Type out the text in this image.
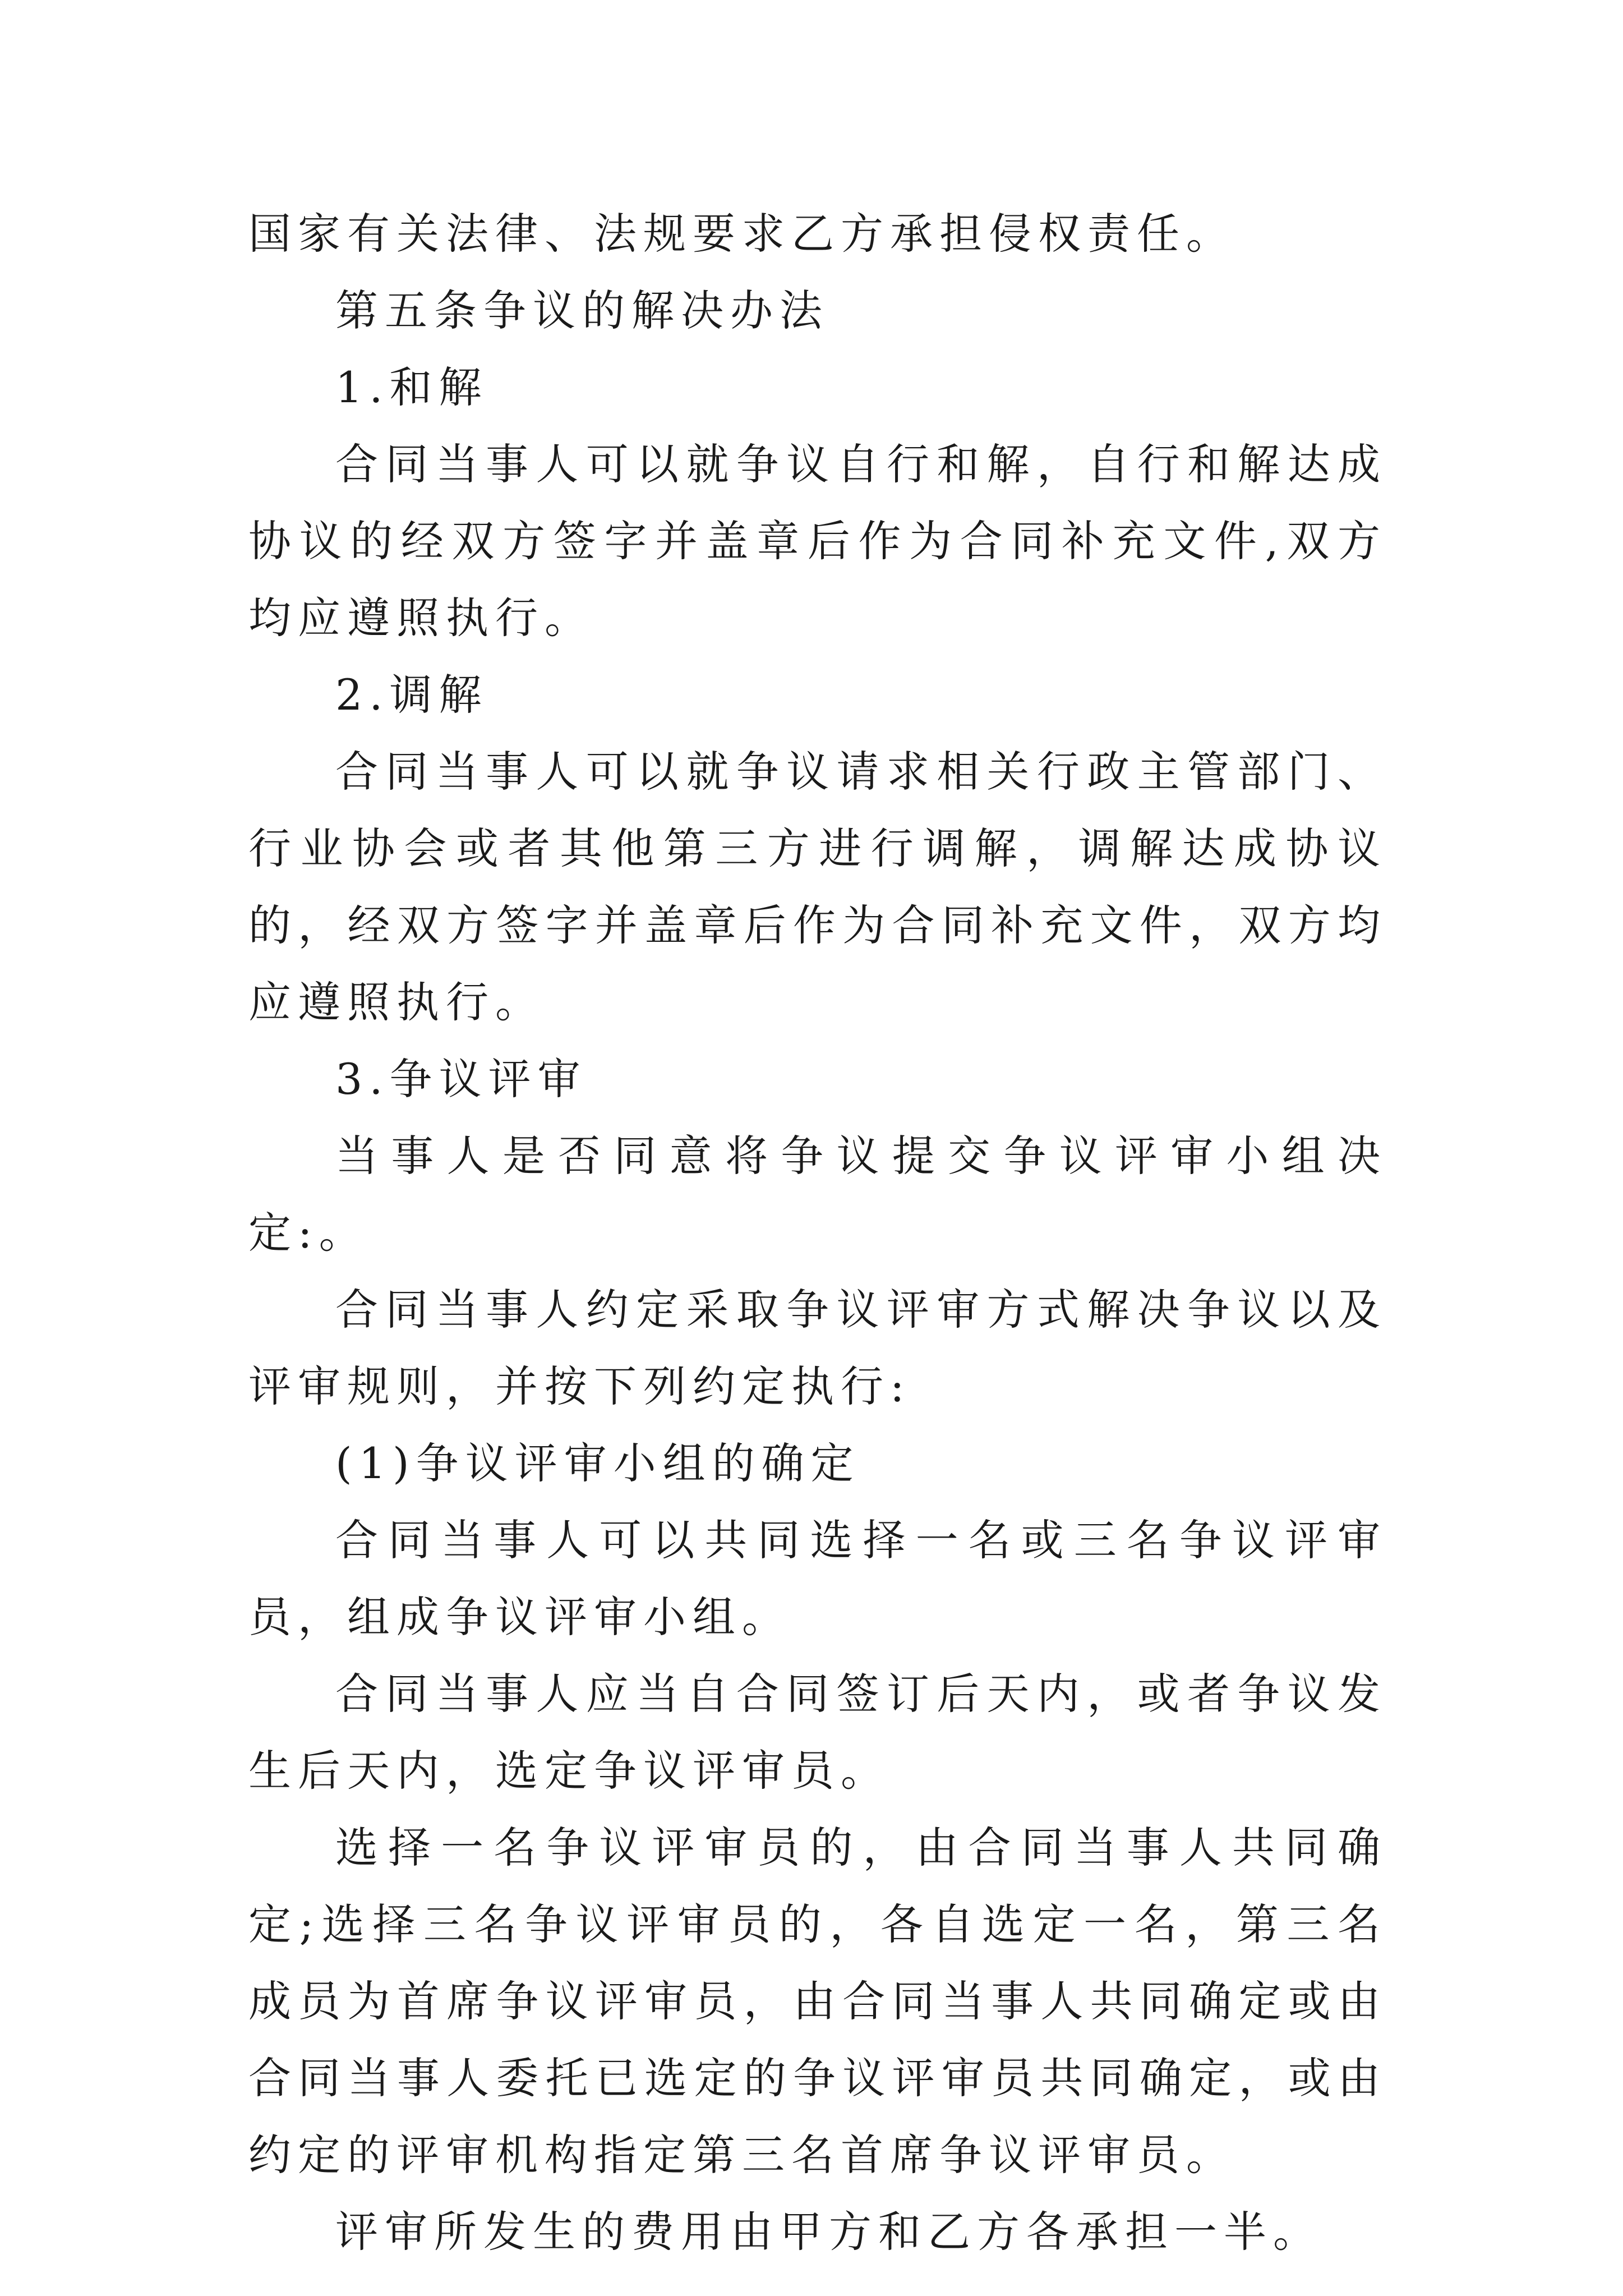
国家有关法律、法规要求乙方承担侵权责任。

第五条争议的解决办法

1.和解

合同当事人可以就争议自行和解，自行和解达成协议的经双方签字并盖章后作为合同补充文件,双方均应遵照执行。

2.调解

合同当事人可以就争议请求相关行政主管部门、行业协会或者其他第三方进行调解，调解达成协议的，经双方签字并盖章后作为合同补充文件，双方均应遵照执行。

3.争议评审

当事人是否同意将争议提交争议评审小组决定:。

合同当事人约定采取争议评审方式解决争议以及评审规则，并按下列约定执行:

(1)争议评审小组的确定

合同当事人可以共同选择一名或三名争议评审员，组成争议评审小组。

合同当事人应当自合同签订后天内，或者争议发生后天内，选定争议评审员。

选择一名争议评审员的，由合同当事人共同确定;选择三名争议评审员的，各自选定一名，第三名成员为首席争议评审员，由合同当事人共同确定或由合同当事人委托已选定的争议评审员共同确定，或由约定的评审机构指定第三名首席争议评审员。

评审所发生的费用由甲方和乙方各承担一半。
